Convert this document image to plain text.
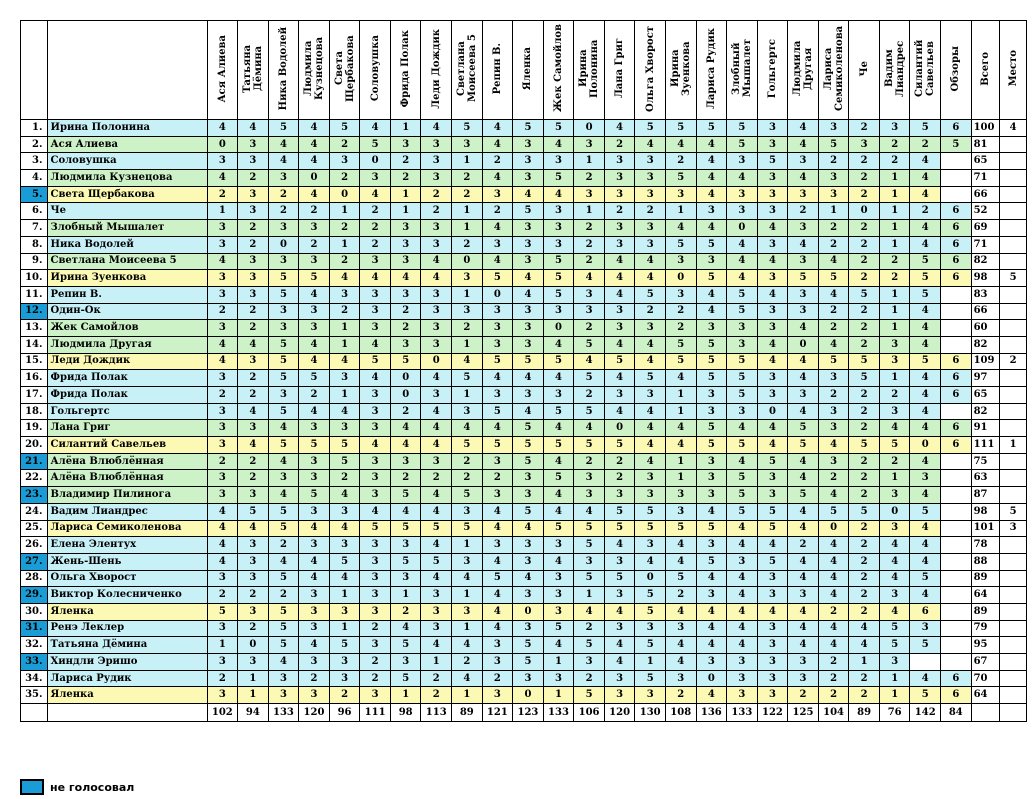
		Ася Алиева	Татьяна Дёмина	Ника Водолей	Людмила Кузнецова	Света Щербакова	Соловушка	Фрида Полак	Леди Дождик	Светлана Моисеева 5	Репин В.	Яленка	Жек Самойлов	Ирина Полонина	Лана Григ	Ольга Хворост	Ирина Зуенкова	Лариса Рудик	Злобный Мышалет	Гольгертс	Людмила Другая	Лариса Семиколенова	Че	Вадим Лиандрес	Силантий Савельев	Обзоры	Всего	Место
1.	Ирина Полонина	4	4	5	4	5	4	1	4	5	4	5	5	0	4	5	5	5	5	3	4	3	2	3	5	6	100	4
2.	Ася Алиева	0	3	4	4	2	5	3	3	3	4	3	4	3	2	4	4	4	5	3	4	5	3	2	2	5	81	
3.	Соловушка	3	3	4	4	3	0	2	3	1	2	3	3	1	3	3	2	4	3	5	3	2	2	2	4		65	
4.	Людмила Кузнецова	4	2	3	0	2	3	2	3	2	4	3	5	2	3	3	5	4	4	3	4	3	2	1	4		71	
5.	Света Щербакова	2	3	2	4	0	4	1	2	2	3	4	4	3	3	3	3	4	3	3	3	3	2	1	4		66	
6.	Че	1	3	2	2	1	2	1	2	1	2	5	3	1	2	2	1	3	3	3	2	1	0	1	2	6	52	
7.	Злобный Мышалет	3	2	3	3	2	2	3	3	1	4	3	3	2	3	3	4	4	0	4	3	2	2	1	4	6	69	
8.	Ника Водолей	3	2	0	2	1	2	3	3	2	3	3	3	2	3	3	5	5	4	3	4	2	2	1	4	6	71	
9.	Светлана Моисеева 5	4	3	3	3	2	3	3	4	0	4	3	5	2	4	4	3	3	4	4	3	4	2	2	5	6	82	
10.	Ирина Зуенкова	3	3	5	5	4	4	4	4	3	5	4	5	4	4	4	0	5	4	3	5	5	2	2	5	6	98	5
11.	Репин В.	3	3	5	4	3	3	3	3	1	0	4	5	3	4	5	3	4	5	4	3	4	5	1	5		83	
12.	Один-Ок	2	2	3	3	2	3	2	3	3	3	3	3	3	3	2	2	4	5	3	3	2	2	1	4		66	
13.	Жек Самойлов	3	2	3	3	1	3	2	3	2	3	3	0	2	3	3	2	3	3	3	4	2	2	1	4		60	
14.	Людмила Другая	4	4	5	4	1	4	3	3	1	3	3	4	5	4	4	5	5	3	4	0	4	2	3	4		82	
15.	Леди Дождик	4	3	5	4	4	5	5	0	4	5	5	5	4	5	4	5	5	5	4	4	5	5	3	5	6	109	2
16.	Фрида Полак	3	2	5	5	3	4	0	4	5	4	4	4	5	4	5	4	5	5	3	4	3	5	1	4	6	97	
17.	Фрида Полак	2	2	3	2	1	3	0	3	1	3	3	3	2	3	3	1	3	5	3	3	2	2	2	4	6	65	
18.	Гольгертс	3	4	5	4	4	3	2	4	3	5	4	5	5	4	4	1	3	3	0	4	3	2	3	4		82	
19.	Лана Григ	3	3	4	3	3	3	4	4	4	4	5	4	4	0	4	4	5	4	4	5	3	2	4	4	6	91	
20.	Силантий Савельев	3	4	5	5	5	4	4	4	5	5	5	5	5	5	4	4	5	5	4	5	4	5	5	0	6	111	1
21.	Алёна Влюблённая	2	2	4	3	5	3	3	3	2	3	5	4	2	2	4	1	3	4	5	4	3	2	2	4		75	
22.	Алёна Влюблённая	3	2	3	3	2	3	2	2	2	2	3	5	3	2	3	1	3	5	3	4	2	2	1	3		63	
23.	Владимир Пилинога	3	3	4	5	4	3	5	4	5	3	3	4	3	3	3	3	3	5	3	5	4	2	3	4		87	
24.	Вадим Лиандрес	4	5	5	3	3	4	4	4	3	4	5	4	4	5	5	3	4	5	5	4	5	5	0	5		98	5
25.	Лариса Семиколенова	4	4	5	4	4	5	5	5	5	4	4	5	5	5	5	5	5	4	5	4	0	2	3	4		101	3
26.	Елена Элентух	4	3	2	3	3	3	3	4	1	3	3	3	5	4	3	4	3	4	4	2	4	2	4	4		78	
27.	Жень-Шень	4	3	4	4	5	3	5	5	3	4	3	4	3	3	4	4	5	3	5	4	4	2	4	4		88	
28.	Ольга Хворост	3	3	5	4	4	3	3	4	4	5	4	3	5	5	0	5	4	4	3	4	4	2	4	5		89	
29.	Виктор Колесниченко	2	2	2	3	1	3	1	3	1	4	3	3	1	3	5	2	3	4	3	3	4	2	3	4		64	
30.	Яленка	5	3	5	3	3	3	2	3	3	4	0	3	4	4	5	4	4	4	4	4	2	2	4	6		89	
31.	Ренэ Леклер	3	2	5	3	1	2	4	3	1	4	3	5	2	3	3	3	4	4	3	4	4	4	5	3		79	
32.	Татьяна Дёмина	1	0	5	4	5	3	5	4	4	3	5	4	5	4	5	4	4	4	3	4	4	4	5	5		95	
33.	Хиндли Эришо	3	3	4	3	3	2	3	1	2	3	5	1	3	4	1	4	3	3	3	3	2	1	3			67	
34.	Лариса Рудик	2	1	3	2	3	2	5	2	4	2	3	3	2	3	5	3	0	3	3	3	2	2	1	4	6	70	
35.	Яленка	3	1	3	3	2	3	1	2	1	3	0	1	5	3	3	2	4	3	3	2	2	2	1	5	6	64	
		102	94	133	120	96	111	98	113	89	121	123	133	106	120	130	108	136	133	122	125	104	89	76	142	84		
не голосовал
